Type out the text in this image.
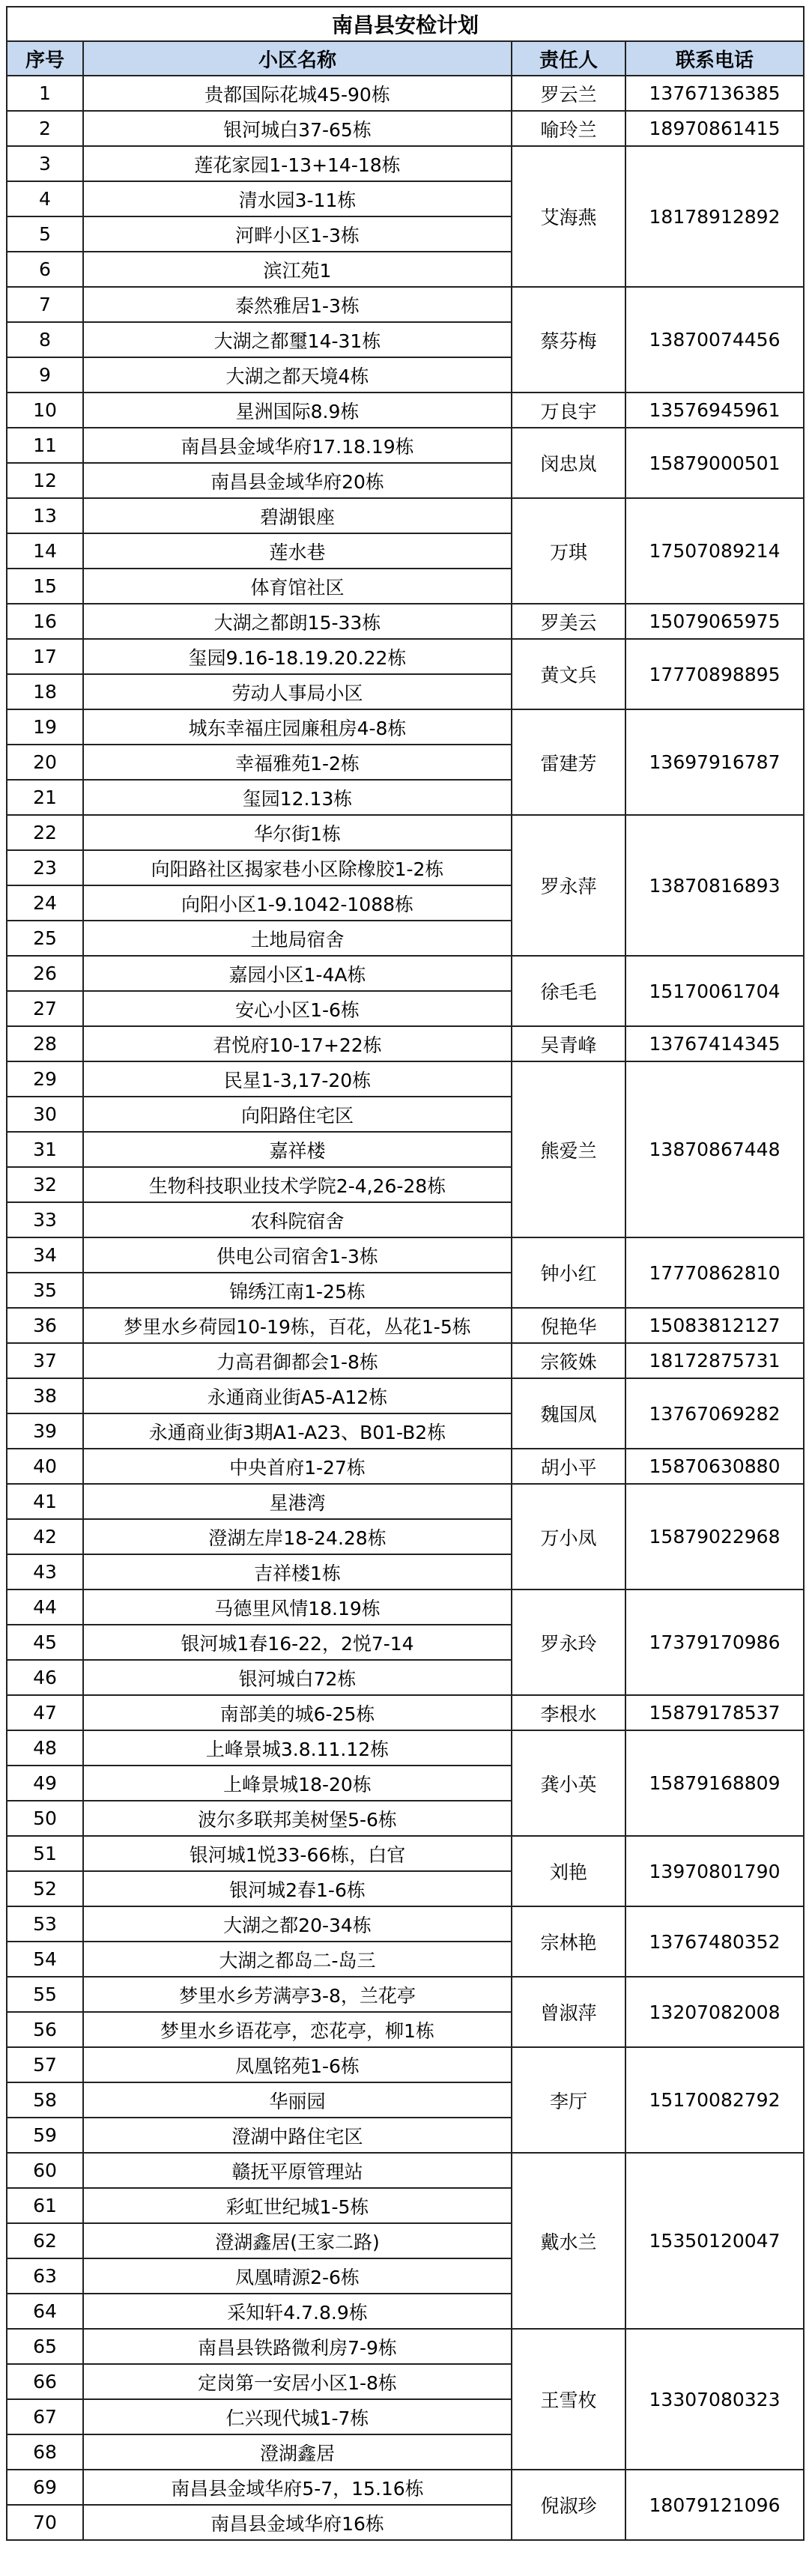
南昌县安检计划			
序号	小区名称	责任人	联系电话
1	贵都国际花城45-90栋	罗云兰	13767136385
2	银河城白37-65栋	喻玲兰	18970861415
3	莲花家园1-13+14-18栋	艾海燕	18178912892
4	清水园3-11栋		
5	河畔小区1-3栋		
6	滨江苑1		
7	泰然雅居1-3栋	蔡芬梅	13870074456
8	大湖之都璽14-31栋		
9	大湖之都天境4栋		
10	星洲国际8.9栋	万良宇	13576945961
11	南昌县金域华府17.18.19栋	闵忠岚	15879000501
12	南昌县金域华府20栋		
13	碧湖银座	万琪	17507089214
14	莲水巷		
15	体育馆社区		
16	大湖之都朗15-33栋	罗美云	15079065975
17	玺园9.16-18.19.20.22栋	黄文兵	17770898895
18	劳动人事局小区		
19	城东幸福庄园廉租房4-8栋	雷建芳	13697916787
20	幸福雅苑1-2栋		
21	玺园12.13栋		
22	华尔街1栋	罗永萍	13870816893
23	向阳路社区揭家巷小区除橡胶1-2栋		
24	向阳小区1-9.1042-1088栋		
25	土地局宿舍		
26	嘉园小区1-4A栋	徐毛毛	15170061704
27	安心小区1-6栋		
28	君悦府10-17+22栋	吴青峰	13767414345
29	民星1-3,17-20栋	熊爱兰	13870867448
30	向阳路住宅区		
31	嘉祥楼		
32	生物科技职业技术学院2-4,26-28栋		
33	农科院宿舍		
34	供电公司宿舍1-3栋	钟小红	17770862810
35	锦绣江南1-25栋		
36	梦里水乡荷园10-19栋，百花，丛花1-5栋	倪艳华	15083812127
37	力高君御都会1-8栋	宗筱姝	18172875731
38	永通商业街A5-A12栋	魏国凤	13767069282
39	永通商业街3期A1-A23、B01-B2栋		
40	中央首府1-27栋	胡小平	15870630880
41	星港湾	万小凤	15879022968
42	澄湖左岸18-24.28栋		
43	吉祥楼1栋		
44	马德里风情18.19栋	罗永玲	17379170986
45	银河城1春16-22，2悦7-14		
46	银河城白72栋		
47	南部美的城6-25栋	李根水	15879178537
48	上峰景城3.8.11.12栋	龚小英	15879168809
49	上峰景城18-20栋		
50	波尔多联邦美树堡5-6栋		
51	银河城1悦33-66栋，白官	刘艳	13970801790
52	银河城2春1-6栋		
53	大湖之都20-34栋	宗林艳	13767480352
54	大湖之都岛二-岛三		
55	梦里水乡芳满亭3-8，兰花亭	曾淑萍	13207082008
56	梦里水乡语花亭，恋花亭，柳1栋		
57	凤凰铭苑1-6栋	李厅	15170082792
58	华丽园		
59	澄湖中路住宅区		
60	赣抚平原管理站	戴水兰	15350120047
61	彩虹世纪城1-5栋		
62	澄湖鑫居(王家二路)		
63	凤凰晴源2-6栋		
64	采知轩4.7.8.9栋		
65	南昌县铁路微利房7-9栋	王雪枚	13307080323
66	定岗第一安居小区1-8栋		
67	仁兴现代城1-7栋		
68	澄湖鑫居		
69	南昌县金域华府5-7，15.16栋	倪淑珍	18079121096
70	南昌县金域华府16栋		
